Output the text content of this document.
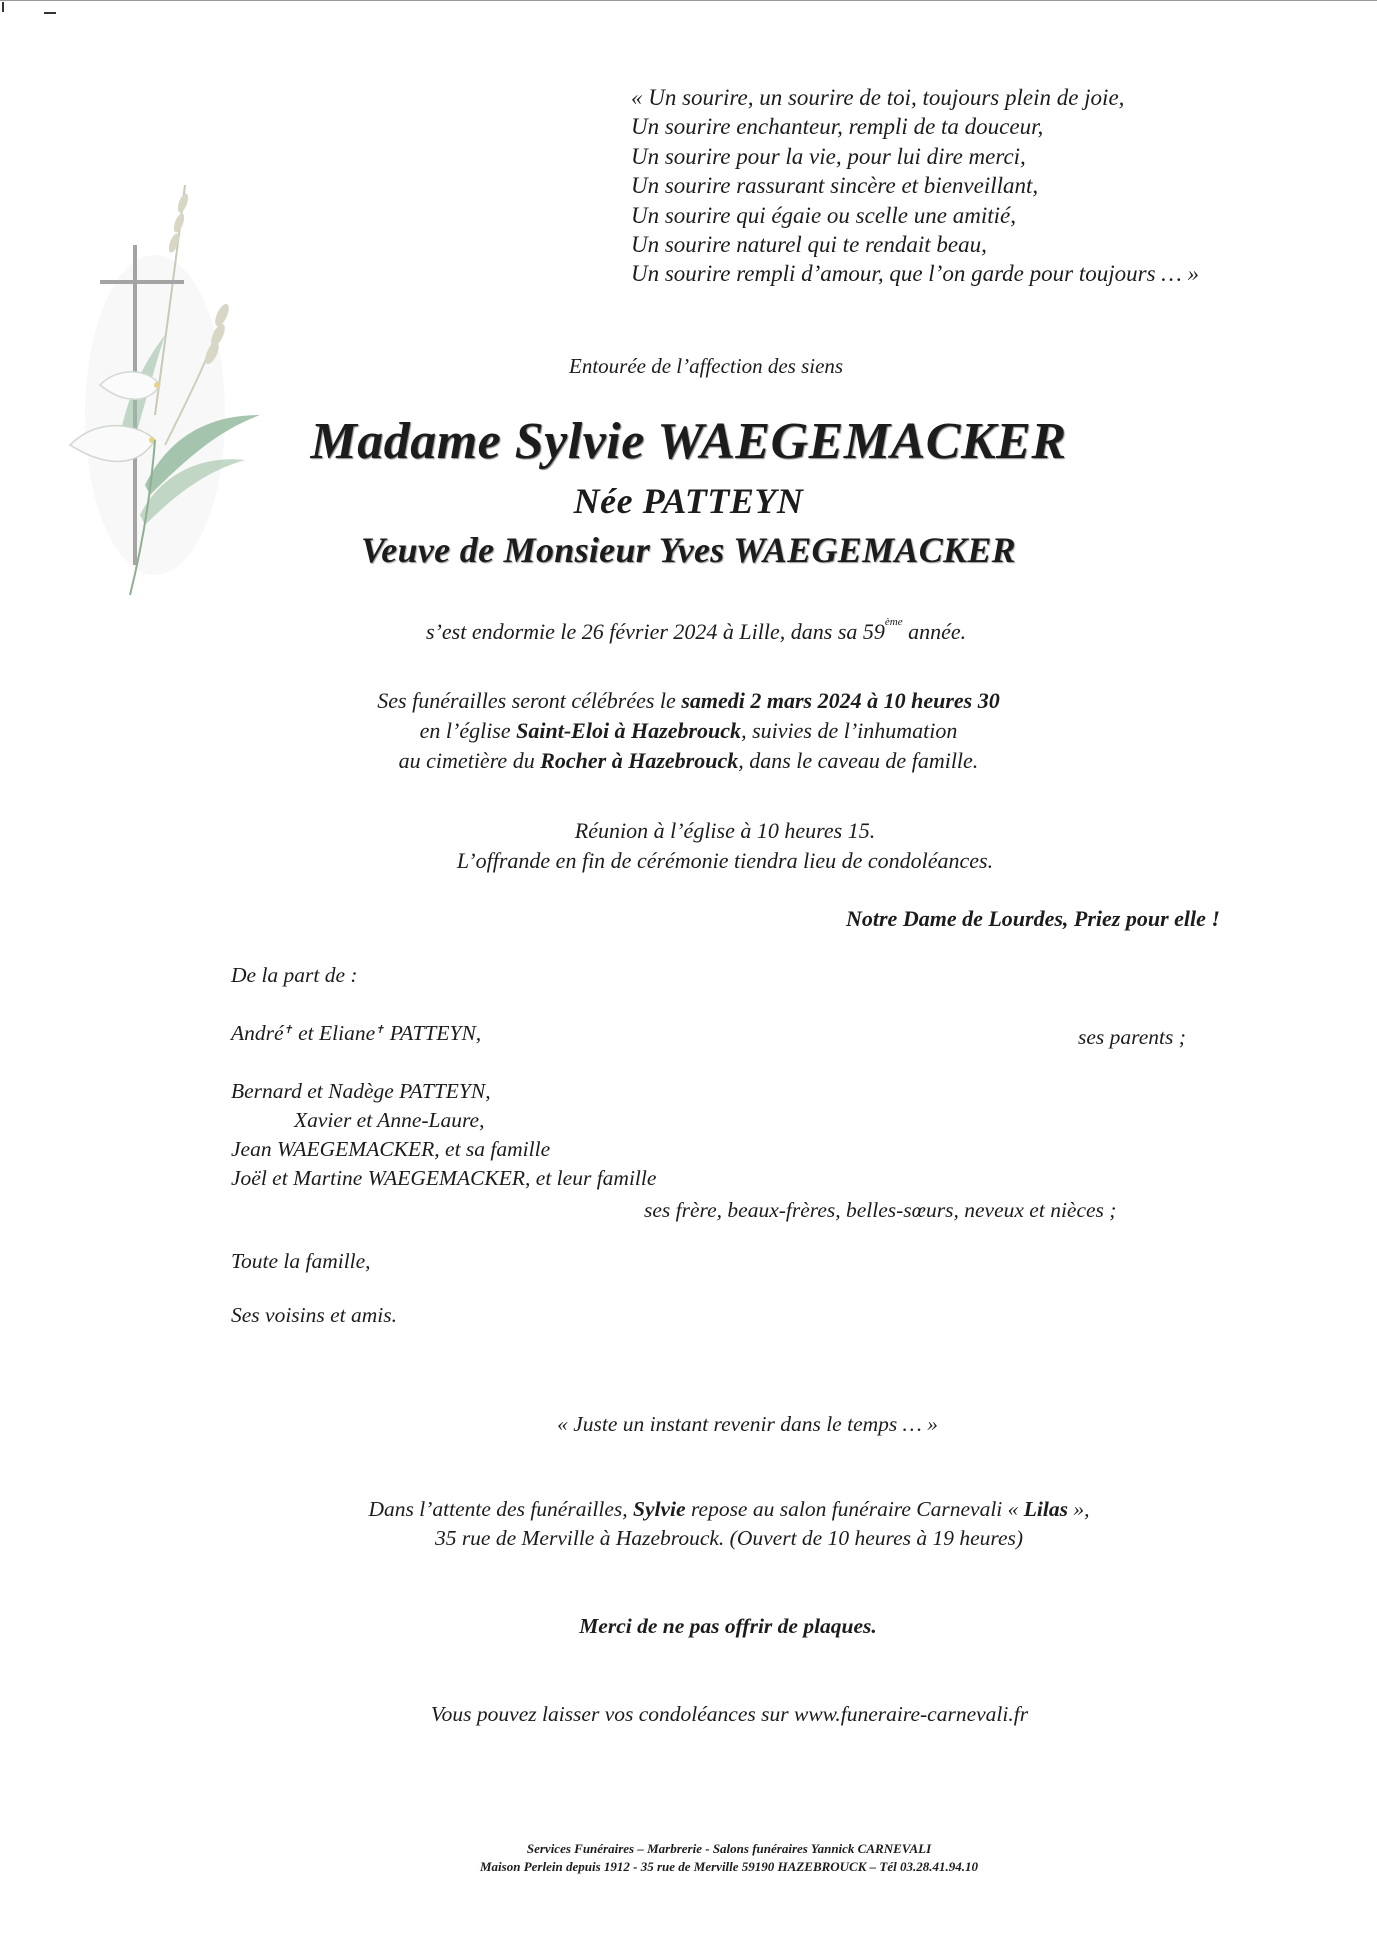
« Un sourire, un sourire de toi, toujours plein de joie,
Un sourire enchanteur, rempli de ta douceur,
Un sourire pour la vie, pour lui dire merci,
Un sourire rassurant sincère et bienveillant,
Un sourire qui égaie ou scelle une amitié,
Un sourire naturel qui te rendait beau,
Un sourire rempli d’amour, que l’on garde pour toujours … »
Entourée de l’affection des siens
Madame Sylvie WAEGEMACKER
Née PATTEYN
Veuve de Monsieur Yves WAEGEMACKER
s’est endormie le 26 février 2024 à Lille, dans sa 59ème année.
Ses funérailles seront célébrées le samedi 2 mars 2024 à 10 heures 30
en l’église Saint-Eloi à Hazebrouck, suivies de l’inhumation
au cimetière du Rocher à Hazebrouck, dans le caveau de famille.
Réunion à l’église à 10 heures 15.
L’offrande en fin de cérémonie tiendra lieu de condoléances.
Notre Dame de Lourdes, Priez pour elle !
De la part de :
André✝ et Eliane✝ PATTEYN,	ses parents ;
Bernard et Nadège PATTEYN,
Xavier et Anne-Laure,
Jean WAEGEMACKER, et sa famille
Joël et Martine WAEGEMACKER, et leur famille
ses frère, beaux-frères, belles-sœurs, neveux et nièces ;
Toute la famille,
Ses voisins et amis.
« Juste un instant revenir dans le temps … »
Dans l’attente des funérailles, Sylvie repose au salon funéraire Carnevali « Lilas »,
35 rue de Merville à Hazebrouck. (Ouvert de 10 heures à 19 heures)
Merci de ne pas offrir de plaques.
Vous pouvez laisser vos condoléances sur www.funeraire-carnevali.fr
Services Funéraires – Marbrerie - Salons funéraires Yannick CARNEVALI
Maison Perlein depuis 1912 - 35 rue de Merville 59190 HAZEBROUCK – Tél 03.28.41.94.10
